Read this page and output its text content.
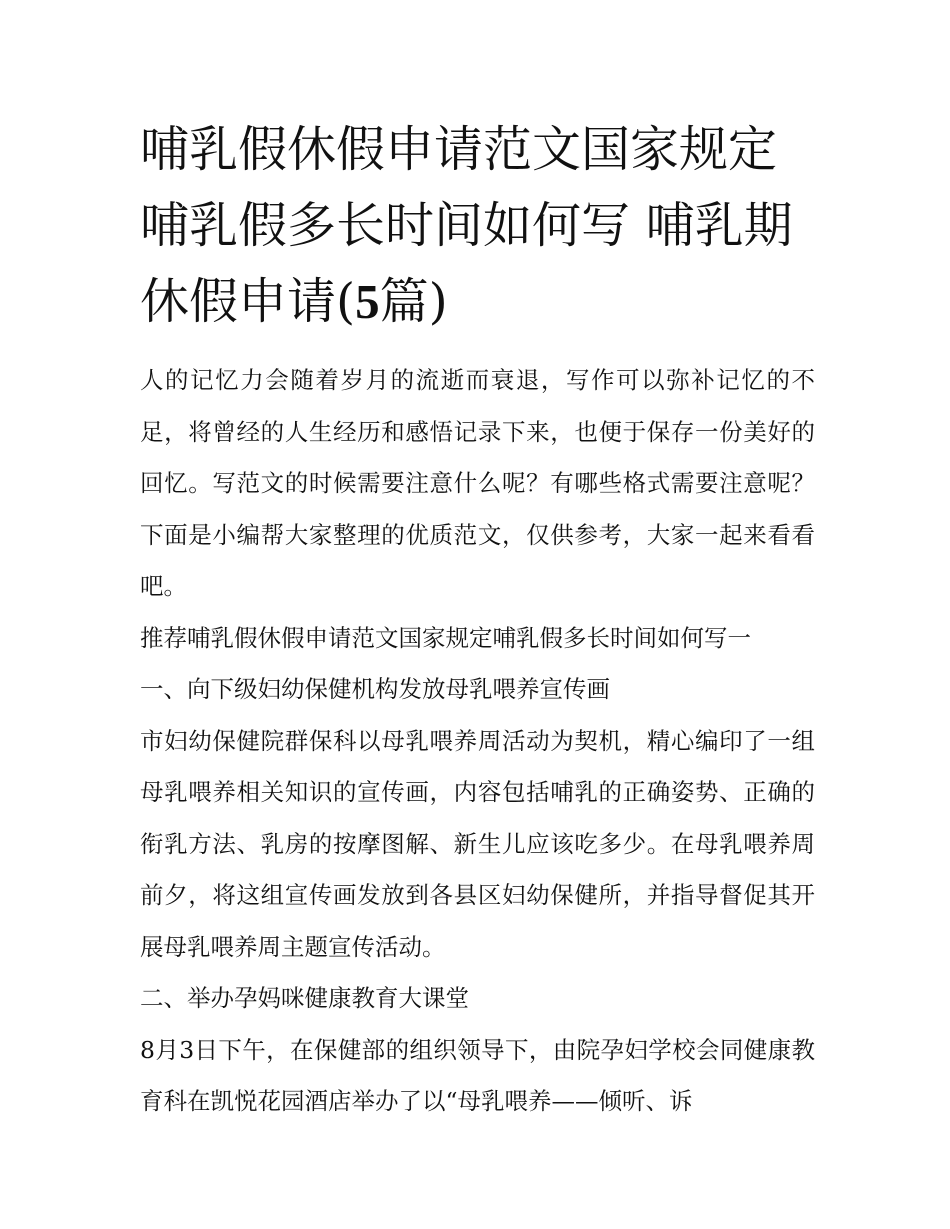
哺乳假休假申请范文国家规定
哺乳假多长时间如何写 哺乳期
休假申请(5篇)

人的记忆力会随着岁月的流逝而衰退，写作可以弥补记忆的不足，将曾经的人生经历和感悟记录下来，也便于保存一份美好的回忆。写范文的时候需要注意什么呢？有哪些格式需要注意呢？下面是小编帮大家整理的优质范文，仅供参考，大家一起来看看吧。

推荐哺乳假休假申请范文国家规定哺乳假多长时间如何写一

一、向下级妇幼保健机构发放母乳喂养宣传画

市妇幼保健院群保科以母乳喂养周活动为契机，精心编印了一组母乳喂养相关知识的宣传画，内容包括哺乳的正确姿势、正确的衔乳方法、乳房的按摩图解、新生儿应该吃多少。在母乳喂养周前夕，将这组宣传画发放到各县区妇幼保健所，并指导督促其开展母乳喂养周主题宣传活动。

二、举办孕妈咪健康教育大课堂

8月3日下午，在保健部的组织领导下，由院孕妇学校会同健康教育科在凯悦花园酒店举办了以“母乳喂养——倾听、诉
